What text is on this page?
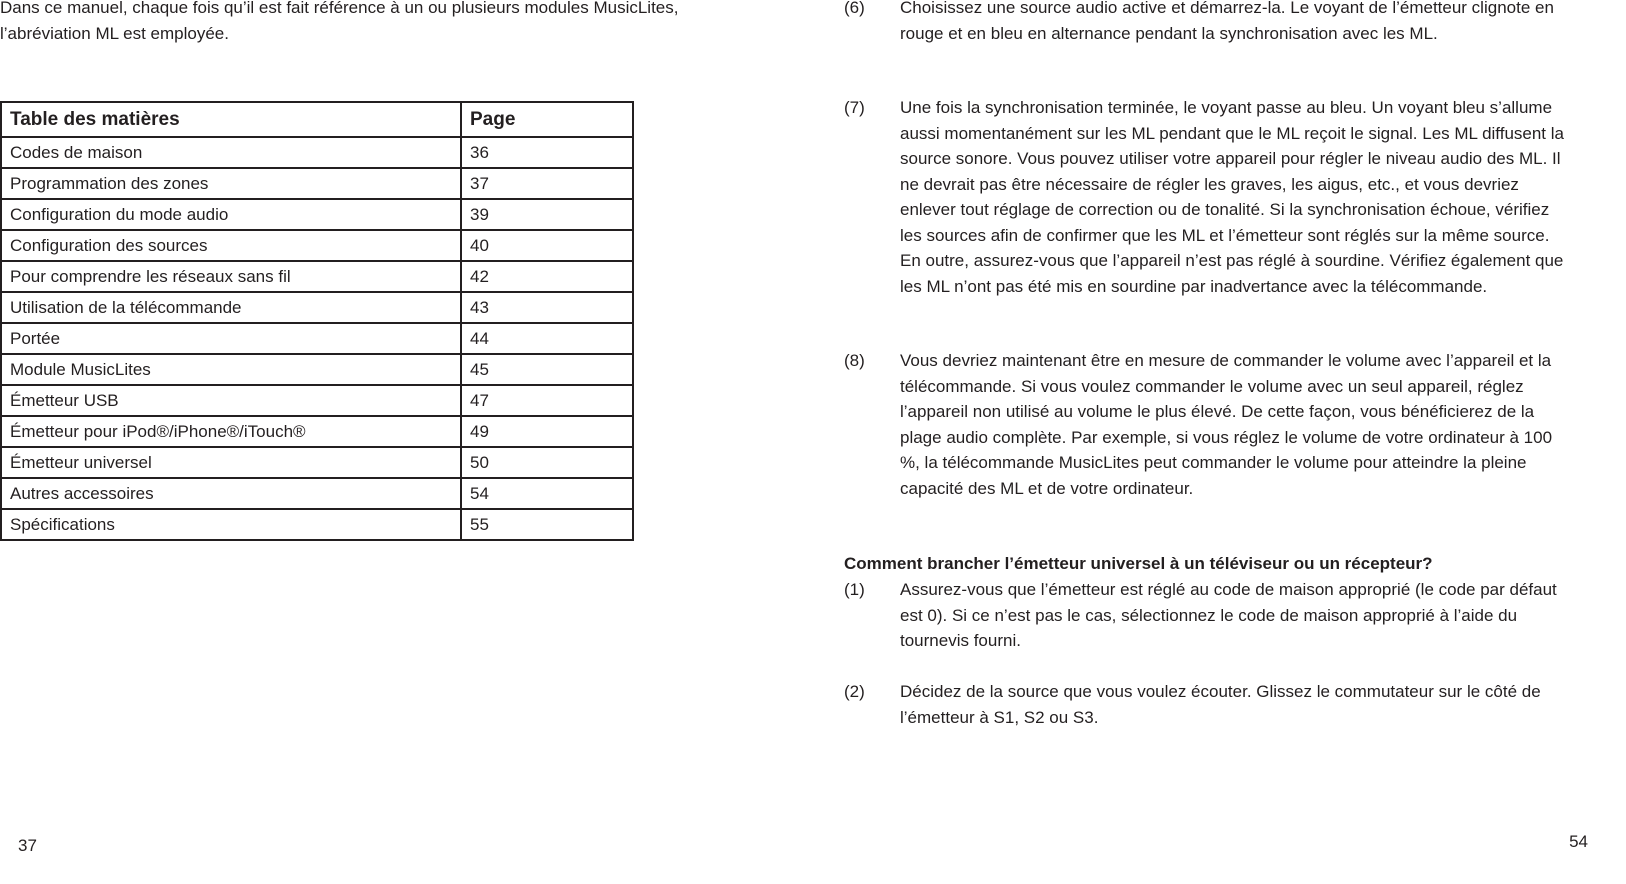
Dans ce manuel, chaque fois qu’il est fait référence à un ou plusieurs modules MusicLites, l’abréviation ML est employée.

Table des matières	Page
Codes de maison	36
Programmation des zones	37
Configuration du mode audio	39
Configuration des sources	40
Pour comprendre les réseaux sans fil	42
Utilisation de la télécommande	43
Portée	44
Module MusicLites	45
Émetteur USB	47
Émetteur pour iPod®/iPhone®/iTouch®	49
Émetteur universel	50
Autres accessoires	54
Spécifications	55
37
(6) Choisissez une source audio active et démarrez-la. Le voyant de l’émetteur clignote en rouge et en bleu en alternance pendant la synchronisation avec les ML.
(7) Une fois la synchronisation terminée, le voyant passe au bleu. Un voyant bleu s’allume aussi momentanément sur les ML pendant que le ML reçoit le signal. Les ML diffusent la source sonore. Vous pouvez utiliser votre appareil pour régler le niveau audio des ML. Il ne devrait pas être nécessaire de régler les graves, les aigus, etc., et vous devriez enlever tout réglage de correction ou de tonalité. Si la synchronisation échoue, vérifiez les sources afin de confirmer que les ML et l’émetteur sont réglés sur la même source. En outre, assurez-vous que l’appareil n’est pas réglé à sourdine. Vérifiez également que les ML n’ont pas été mis en sourdine par inadvertance avec la télécommande.
(8) Vous devriez maintenant être en mesure de commander le volume avec l’appareil et la télécommande. Si vous voulez commander le volume avec un seul appareil, réglez l’appareil non utilisé au volume le plus élevé. De cette façon, vous bénéficierez de la plage audio complète. Par exemple, si vous réglez le volume de votre ordinateur à 100 %, la télécommande MusicLites peut commander le volume pour atteindre la pleine capacité des ML et de votre ordinateur.

Comment brancher l’émetteur universel à un téléviseur ou un récepteur?

(1) Assurez-vous que l’émetteur est réglé au code de maison approprié (le code par défaut est 0). Si ce n’est pas le cas, sélectionnez le code de maison approprié à l’aide du tournevis fourni.
(2) Décidez de la source que vous voulez écouter. Glissez le commutateur sur le côté de l’émetteur à S1, S2 ou S3.
54
